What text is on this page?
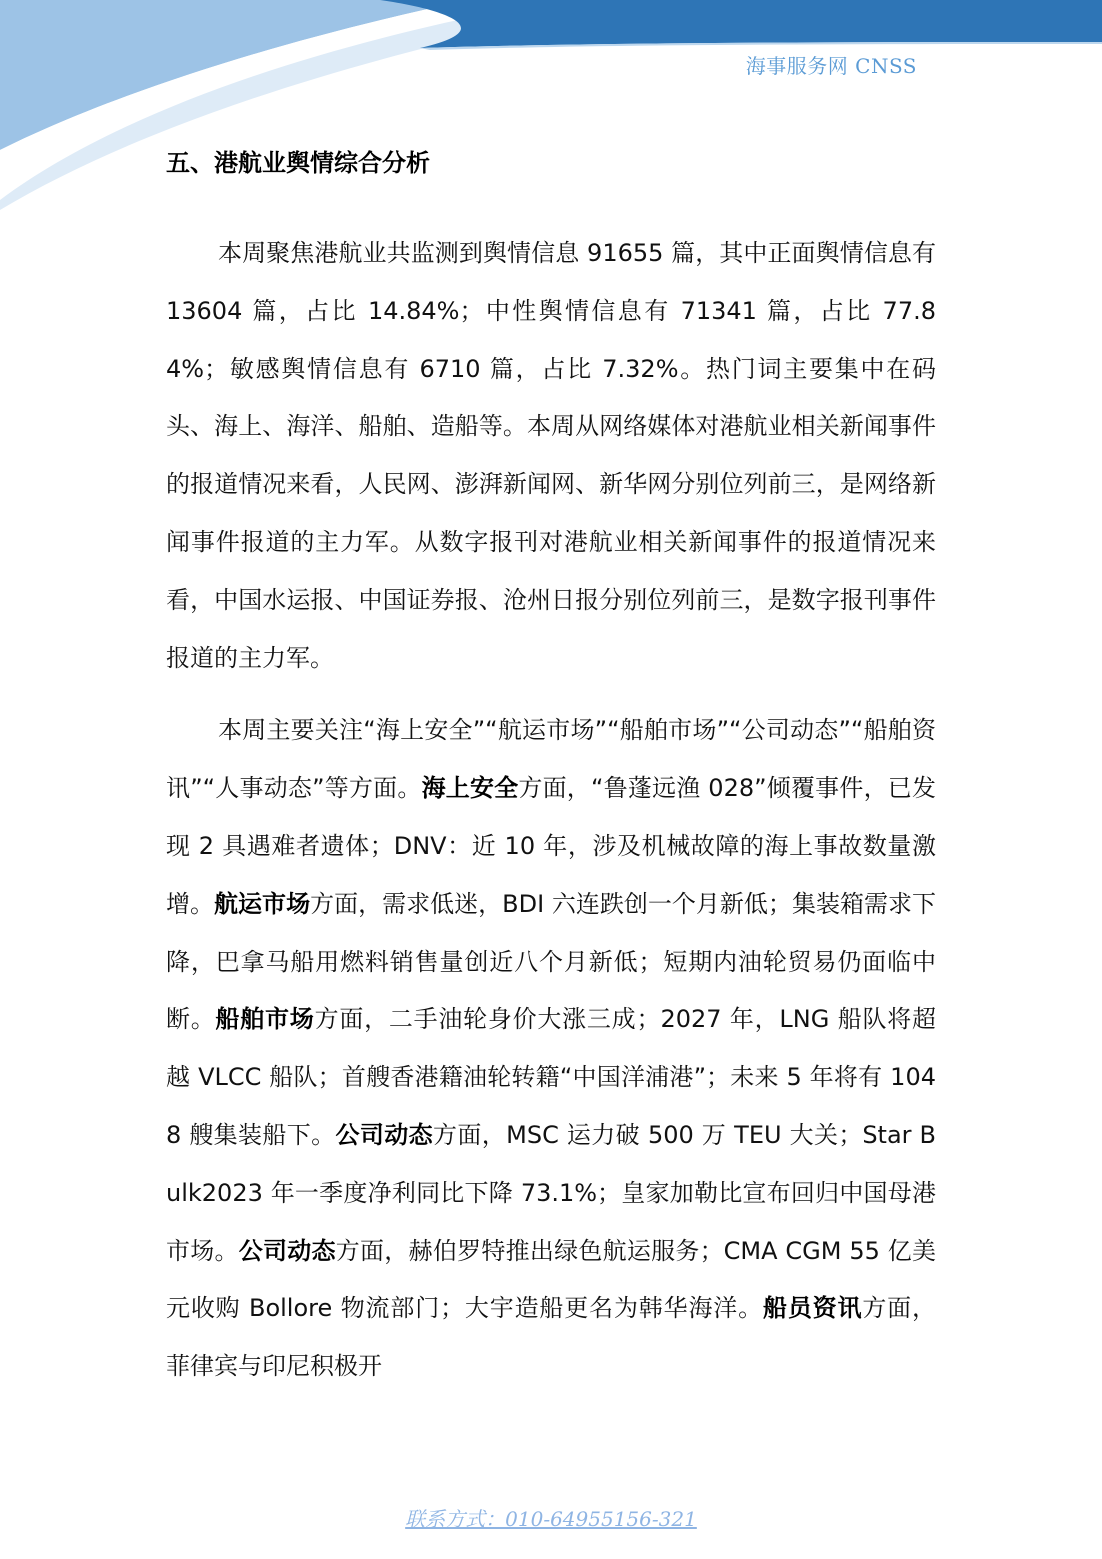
海事服务网 CNSS
五、港航业舆情综合分析

本周聚焦港航业共监测到舆情信息 91655 篇，其中正面舆情信息有 13604 篇，占比 14.84%；中性舆情信息有 71341 篇，占比 77.84%；敏感舆情信息有 6710 篇，占比 7.32%。热门词主要集中在码头、海上、海洋、船舶、造船等。本周从网络媒体对港航业相关新闻事件的报道情况来看，人民网、澎湃新闻网、新华网分别位列前三，是网络新闻事件报道的主力军。从数字报刊对港航业相关新闻事件的报道情况来看，中国水运报、中国证券报、沧州日报分别位列前三，是数字报刊事件报道的主力军。

本周主要关注“海上安全”“航运市场”“船舶市场”“公司动态”“船舶资讯”“人事动态”等方面。海上安全方面，“鲁蓬远渔 028”倾覆事件，已发现 2 具遇难者遗体；DNV：近 10 年，涉及机械故障的海上事故数量激增。航运市场方面，需求低迷，BDI 六连跌创一个月新低；集装箱需求下降，巴拿马船用燃料销售量创近八个月新低；短期内油轮贸易仍面临中断。船舶市场方面，二手油轮身价大涨三成；2027 年，LNG 船队将超越 VLCC 船队；首艘香港籍油轮转籍“中国洋浦港”；未来 5 年将有 1048 艘集装船下。公司动态方面，MSC 运力破 500 万 TEU 大关；Star Bulk2023 年一季度净利同比下降 73.1%；皇家加勒比宣布回归中国母港市场。公司动态方面，赫伯罗特推出绿色航运服务；CMA CGM 55 亿美元收购 Bollore 物流部门；大宇造船更名为韩华海洋。船员资讯方面，菲律宾与印尼积极开

联系方式：010-64955156-321
